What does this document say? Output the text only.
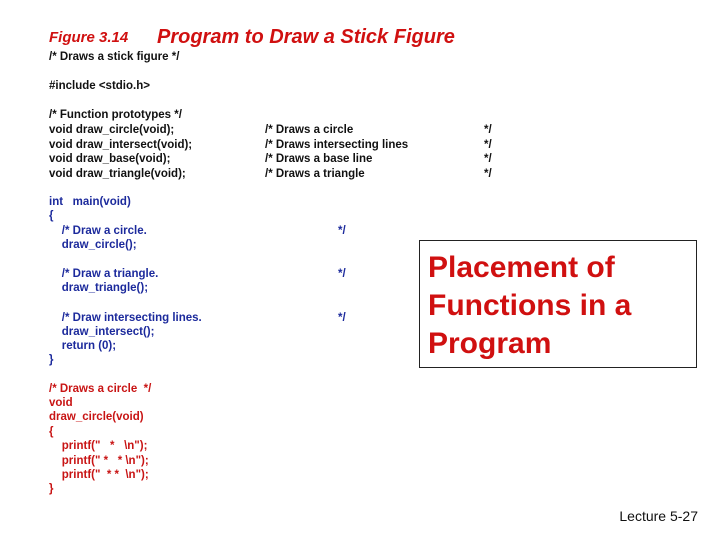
Figure 3.14 Program to Draw a Stick Figure
/* Draws a stick figure */
#include <stdio.h>
/* Function prototypes */
void draw_circle(void);	/* Draws a circle	*/
void draw_intersect(void);	/* Draws intersecting lines	*/
void draw_base(void);	/* Draws a base line	*/
void draw_triangle(void);	/* Draws a triangle	*/
int   main(void)
{
/* Draw a circle.	*/
draw_circle();
/* Draw a triangle.	*/
draw_triangle();
/* Draw intersecting lines.	*/
draw_intersect();
return (0);
}
/* Draws a circle  */
void
draw_circle(void)
{
printf("   *   \n");
printf(" *   * \n");
printf("  * *  \n");
}
Placement of Functions in a Program
Lecture 5-27
